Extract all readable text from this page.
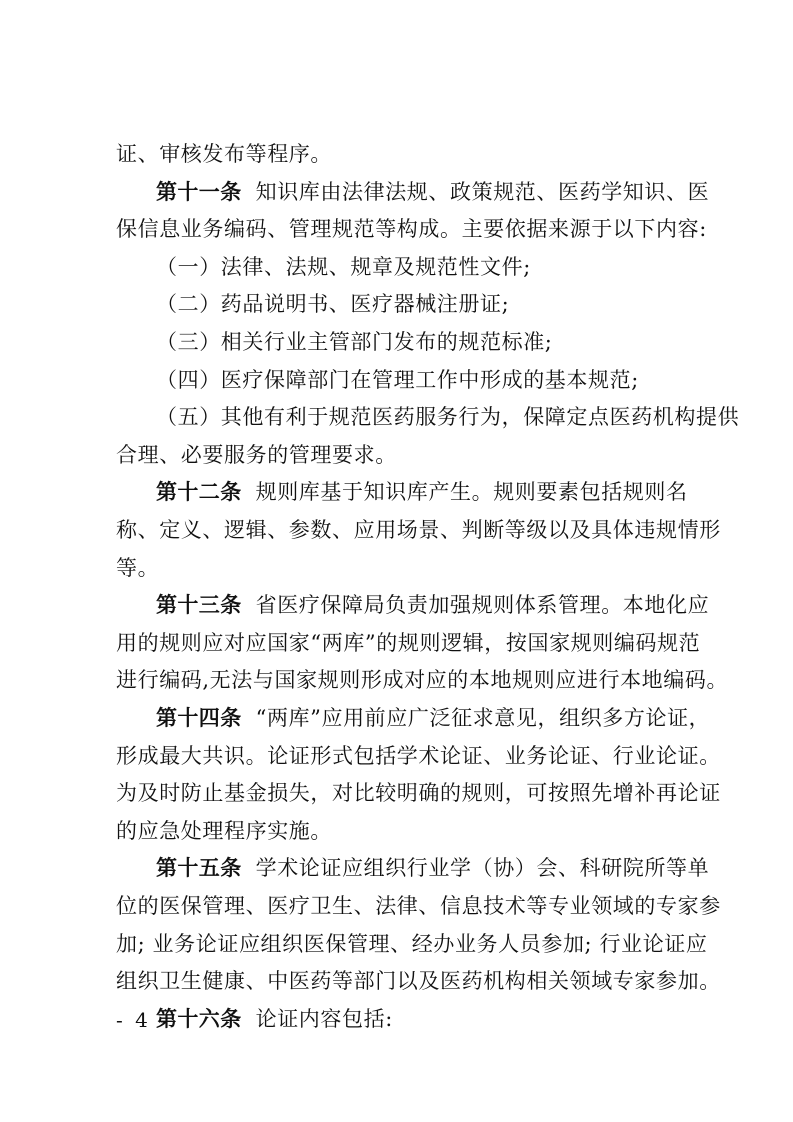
证、审核发布等程序。
第十一条 知识库由法律法规、政策规范、医药学知识、医
保信息业务编码、管理规范等构成。主要依据来源于以下内容:
（一）法律、法规、规章及规范性文件;
（二）药品说明书、医疗器械注册证;
（三）相关行业主管部门发布的规范标准;
（四）医疗保障部门在管理工作中形成的基本规范;
（五）其他有利于规范医药服务行为，保障定点医药机构提供
合理、必要服务的管理要求。
第十二条 规则库基于知识库产生。规则要素包括规则名
称、定义、逻辑、参数、应用场景、判断等级以及具体违规情形
等。
第十三条 省医疗保障局负责加强规则体系管理。本地化应
用的规则应对应国家“两库”的规则逻辑，按国家规则编码规范
进行编码,无法与国家规则形成对应的本地规则应进行本地编码。
第十四条 “两库”应用前应广泛征求意见，组织多方论证，
形成最大共识。论证形式包括学术论证、业务论证、行业论证。
为及时防止基金损失，对比较明确的规则，可按照先增补再论证
的应急处理程序实施。
第十五条 学术论证应组织行业学（协）会、科研院所等单
位的医保管理、医疗卫生、法律、信息技术等专业领域的专家参
加; 业务论证应组织医保管理、经办业务人员参加; 行业论证应
组织卫生健康、中医药等部门以及医药机构相关领域专家参加。
第十六条 论证内容包括:
- 4 -
